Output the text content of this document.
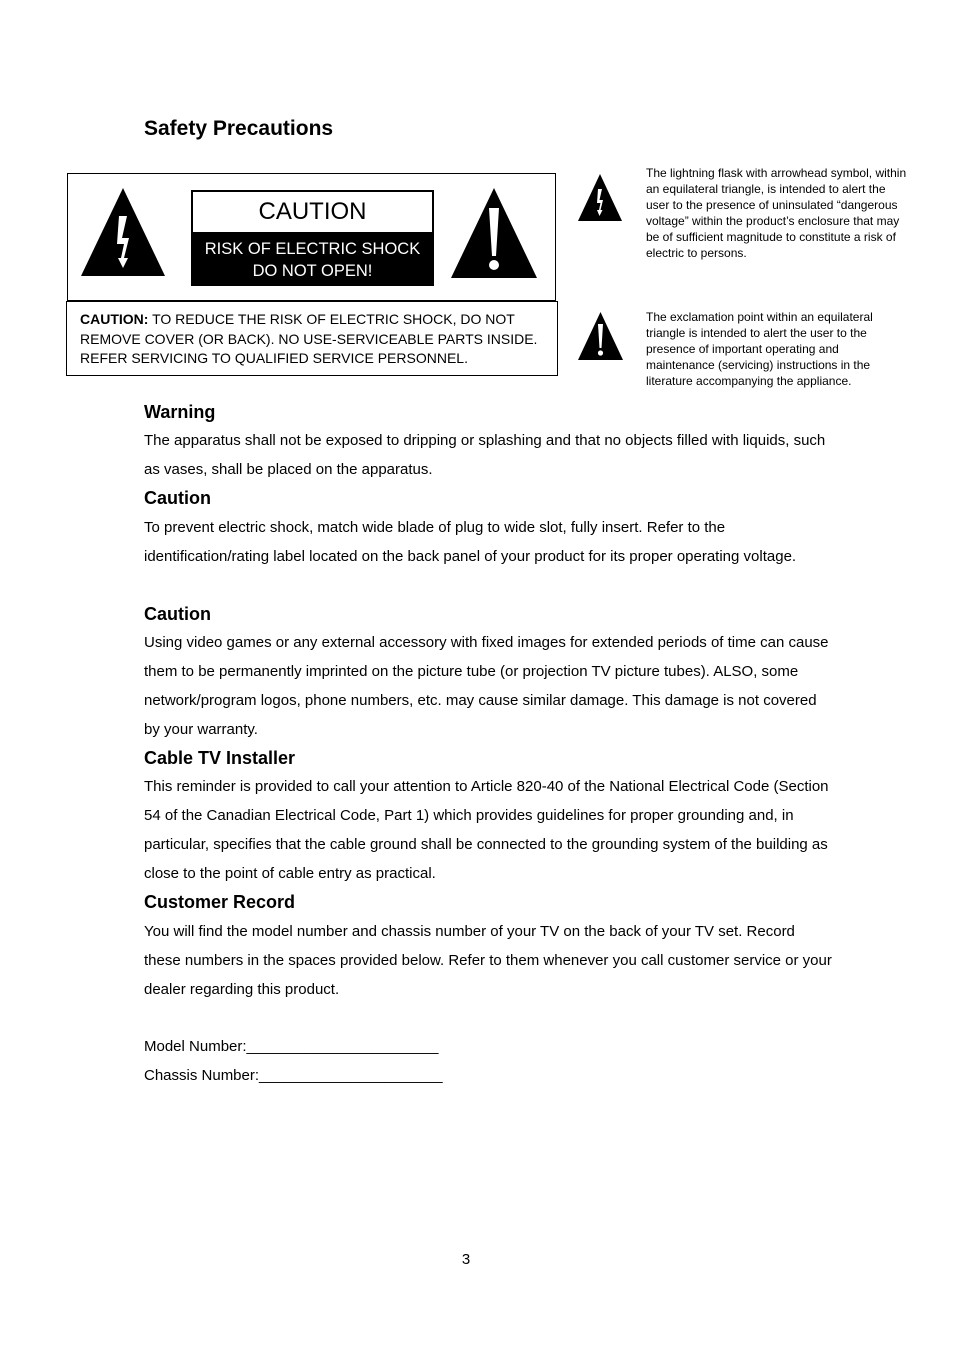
Safety Precautions
CAUTION
RISK OF ELECTRIC SHOCK
DO NOT OPEN!
CAUTION: TO REDUCE THE RISK OF ELECTRIC SHOCK, DO NOT REMOVE COVER (OR BACK). NO USE-SERVICEABLE PARTS INSIDE. REFER SERVICING TO QUALIFIED SERVICE PERSONNEL.
The lightning flask with arrowhead symbol, within an equilateral triangle, is intended to alert the user to the presence of uninsulated “dangerous voltage” within the product’s enclosure that may be of sufficient magnitude to constitute a risk of electric to persons.
The exclamation point within an equilateral triangle is intended to alert the user to the presence of important operating and maintenance (servicing) instructions in the literature accompanying the appliance.
Warning
The apparatus shall not be exposed to dripping or splashing and that no objects filled with liquids, such as vases, shall be placed on the apparatus.
Caution
To prevent electric shock, match wide blade of plug to wide slot, fully insert. Refer to the identification/rating label located on the back panel of your product for its proper operating voltage.
Caution
Using video games or any external accessory with fixed images for extended periods of time can cause them to be permanently imprinted on the picture tube (or projection TV picture tubes). ALSO, some network/program logos, phone numbers, etc. may cause similar damage. This damage is not covered by your warranty.
Cable TV Installer
This reminder is provided to call your attention to Article 820-40 of the National Electrical Code (Section 54 of the Canadian Electrical Code, Part 1) which provides guidelines for proper grounding and, in particular, specifies that the cable ground shall be connected to the grounding system of the building as close to the point of cable entry as practical.
Customer Record
You will find the model number and chassis number of your TV on the back of your TV set. Record these numbers in the spaces provided below. Refer to them whenever you call customer service or your dealer regarding this product.
Model Number:_______________________
Chassis Number:______________________
3
